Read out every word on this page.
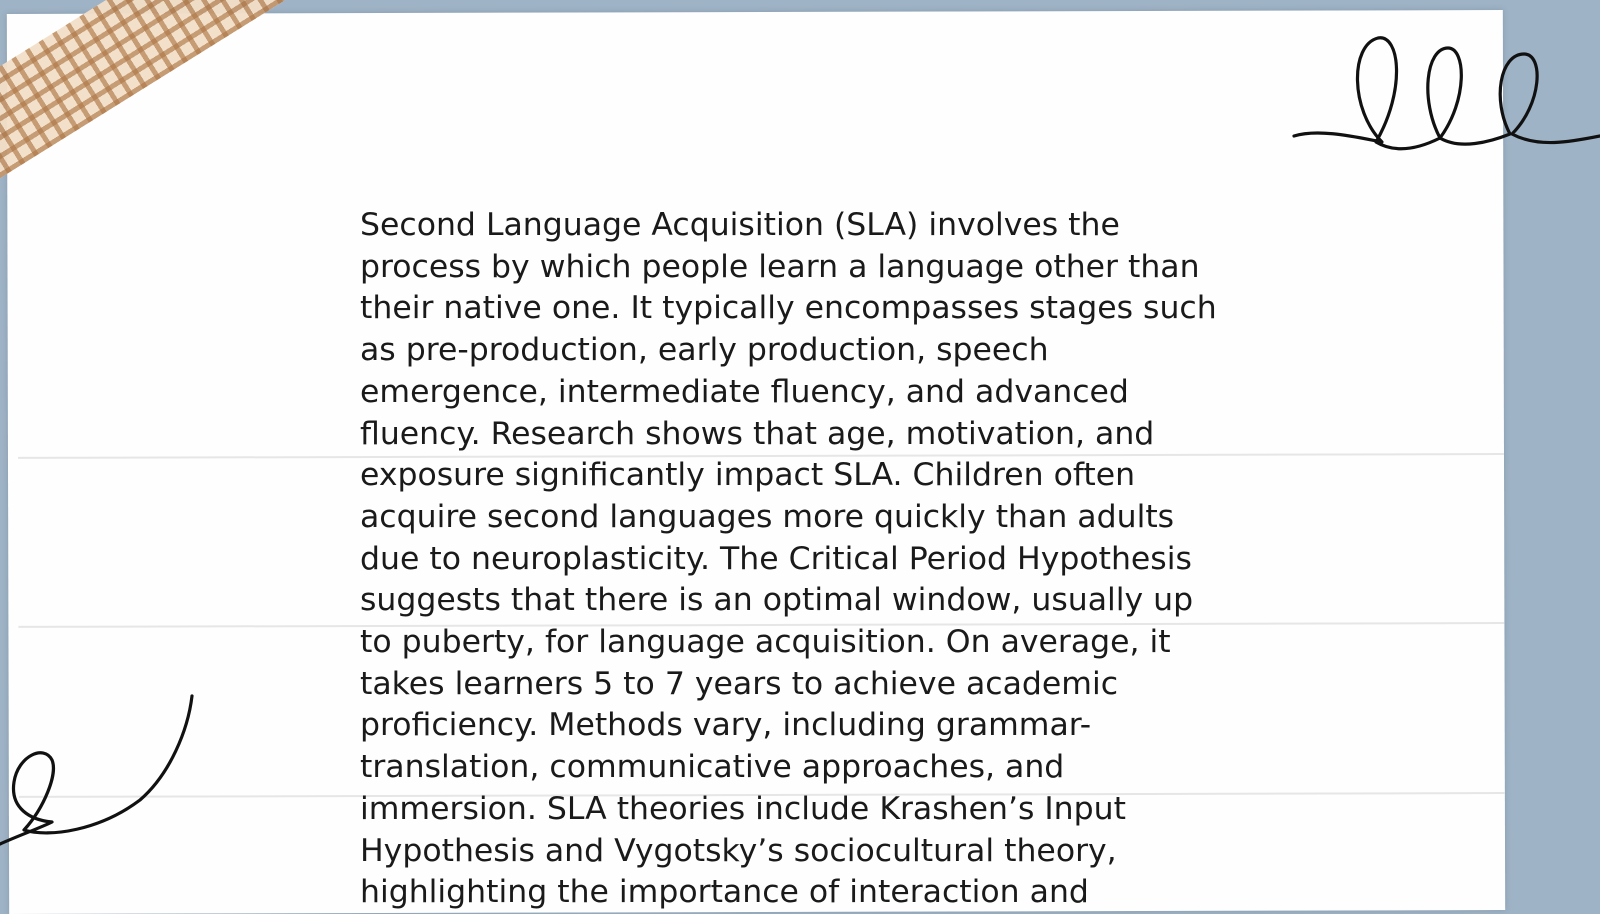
Second Language Acquisition (SLA) involves the
process by which people learn a language other than
their native one. It typically encompasses stages such
as pre-production, early production, speech
emergence, intermediate fluency, and advanced
fluency. Research shows that age, motivation, and
exposure significantly impact SLA. Children often
acquire second languages more quickly than adults
due to neuroplasticity. The Critical Period Hypothesis
suggests that there is an optimal window, usually up
to puberty, for language acquisition. On average, it
takes learners 5 to 7 years to achieve academic
proficiency. Methods vary, including grammar-
translation, communicative approaches, and
immersion. SLA theories include Krashen’s Input
Hypothesis and Vygotsky’s sociocultural theory,
highlighting the importance of interaction and
